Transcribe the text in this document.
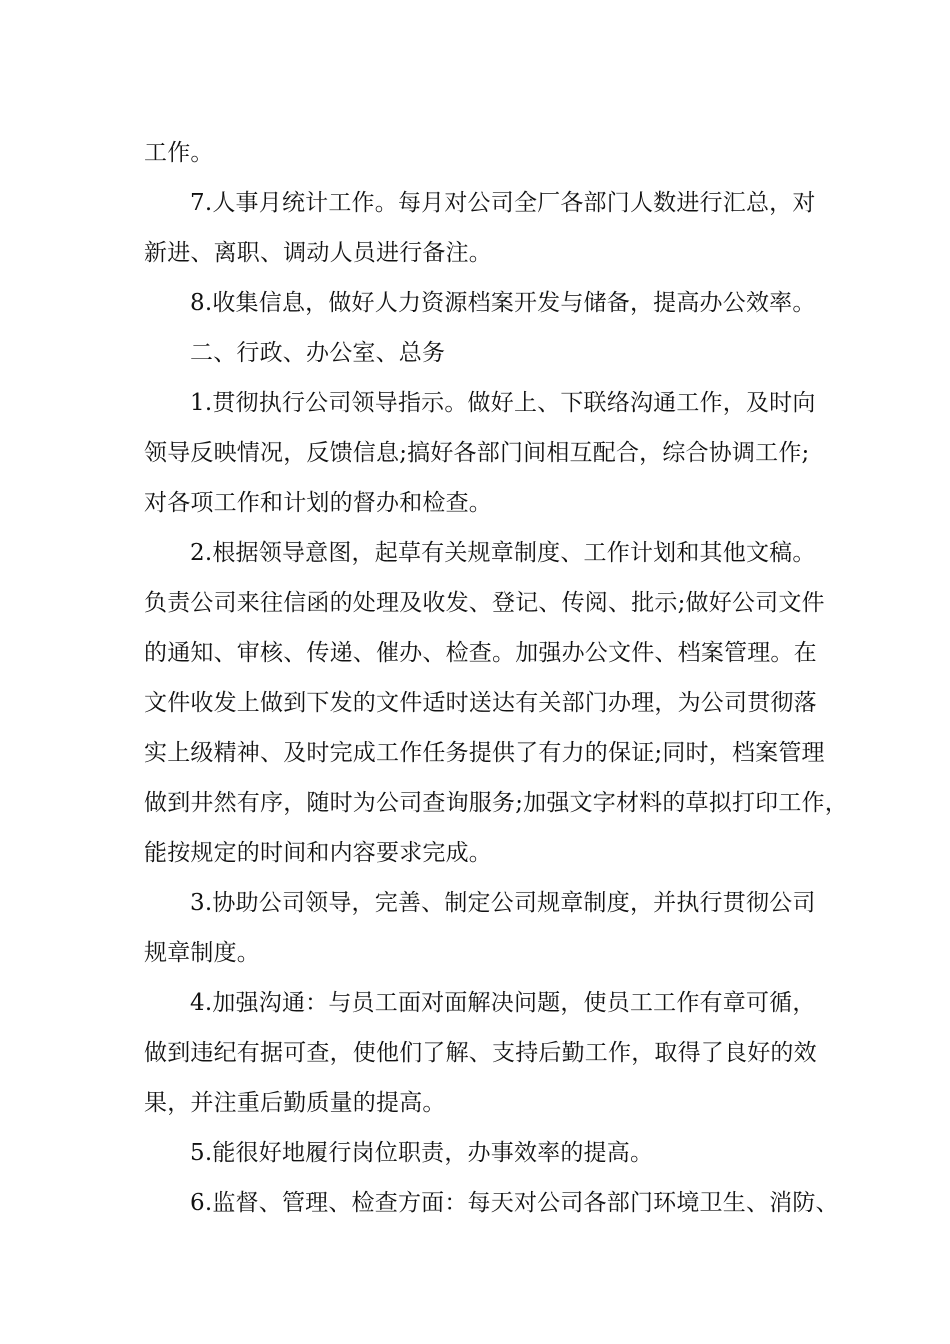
工作。
7.人事月统计工作。每月对公司全厂各部门人数进行汇总，对
新进、离职、调动人员进行备注。
8.收集信息，做好人力资源档案开发与储备，提高办公效率。
二、行政、办公室、总务
1.贯彻执行公司领导指示。做好上、下联络沟通工作，及时向
领导反映情况，反馈信息;搞好各部门间相互配合，综合协调工作;
对各项工作和计划的督办和检查。
2.根据领导意图，起草有关规章制度、工作计划和其他文稿。
负责公司来往信函的处理及收发、登记、传阅、批示;做好公司文件
的通知、审核、传递、催办、检查。加强办公文件、档案管理。在
文件收发上做到下发的文件适时送达有关部门办理，为公司贯彻落
实上级精神、及时完成工作任务提供了有力的保证;同时，档案管理
做到井然有序，随时为公司查询服务;加强文字材料的草拟打印工作，
能按规定的时间和内容要求完成。
3.协助公司领导，完善、制定公司规章制度，并执行贯彻公司
规章制度。
4.加强沟通：与员工面对面解决问题，使员工工作有章可循，
做到违纪有据可查，使他们了解、支持后勤工作，取得了良好的效
果，并注重后勤质量的提高。
5.能很好地履行岗位职责，办事效率的提高。
6.监督、管理、检查方面：每天对公司各部门环境卫生、消防、
